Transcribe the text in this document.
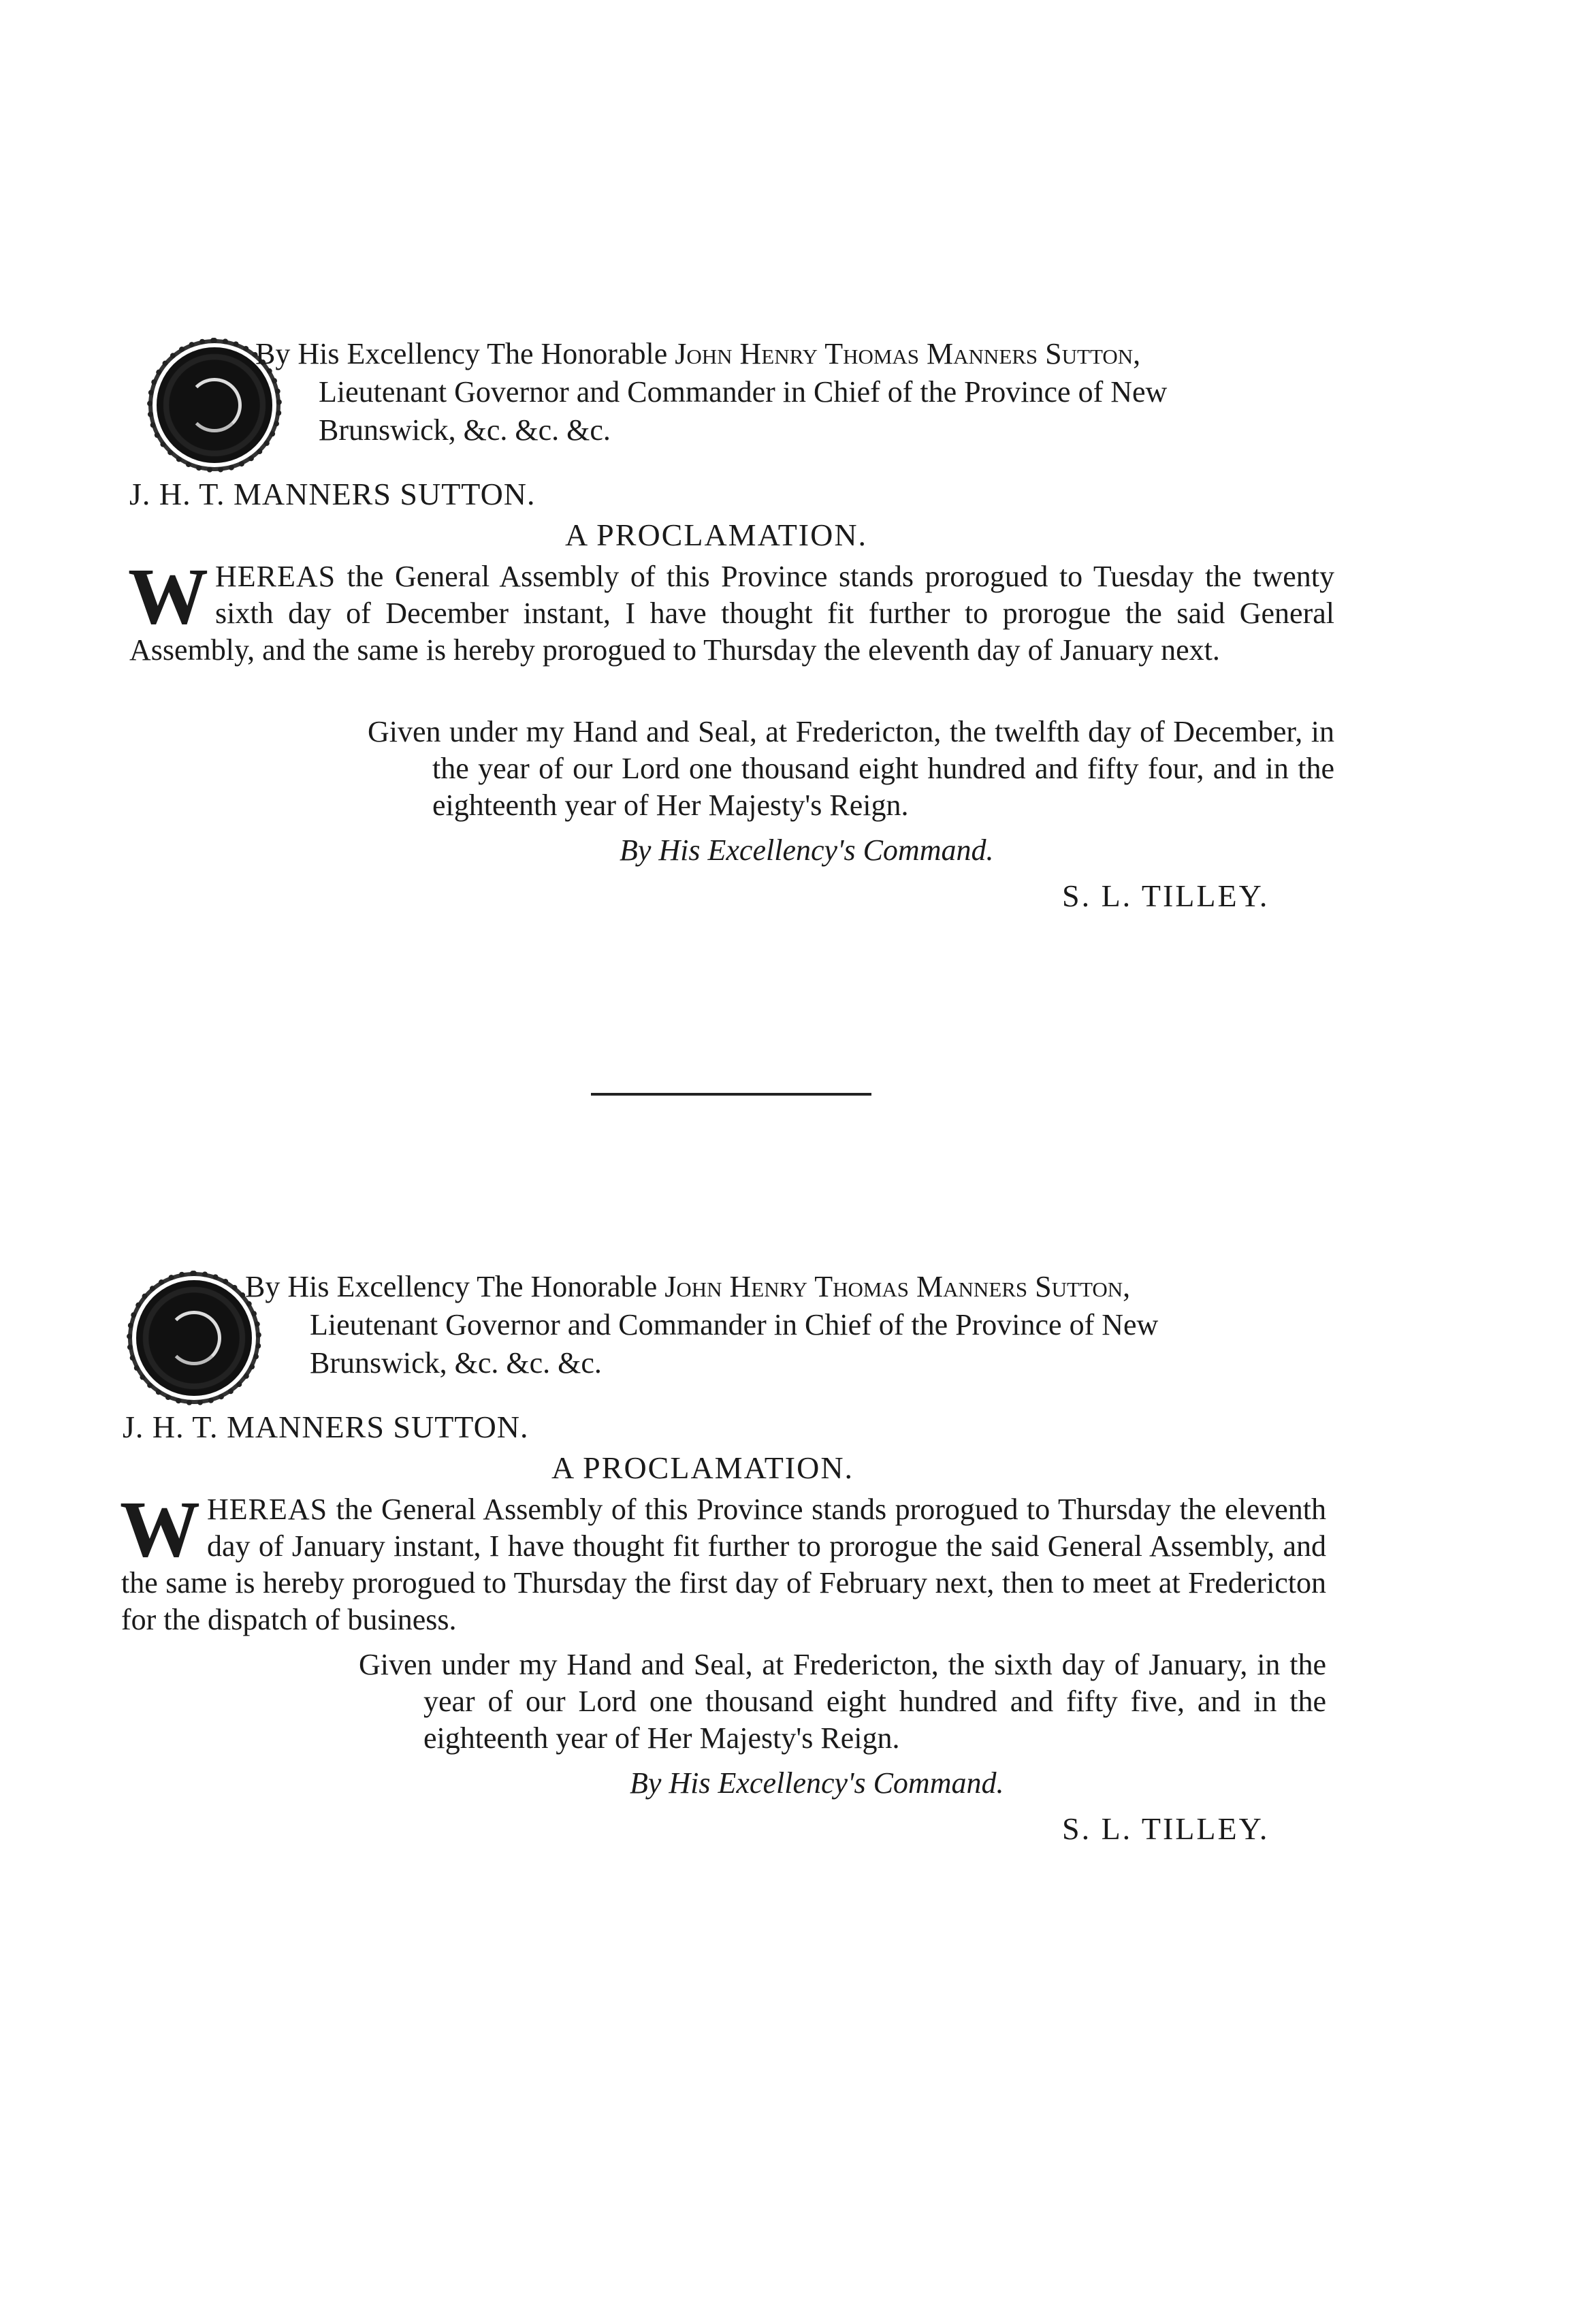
By His Excellency The Honorable John Henry Thomas Manners Sutton,
Lieutenant Governor and Commander in Chief of the Province of New
Brunswick, &c. &c. &c.
J. H. T. MANNERS SUTTON.
A PROCLAMATION.
WHEREAS the General Assembly of this Province stands prorogued to Tuesday the twenty sixth day of December instant, I have thought fit further to prorogue the said General Assembly, and the same is hereby prorogued to Thursday the eleventh day of January next.
Given under my Hand and Seal, at Fredericton, the twelfth day of December, in the year of our Lord one thousand eight hundred and fifty four, and in the eighteenth year of Her Majesty's Reign.
By His Excellency's Command.
S. L. TILLEY.
By His Excellency The Honorable John Henry Thomas Manners Sutton,
Lieutenant Governor and Commander in Chief of the Province of New
Brunswick, &c. &c. &c.
J. H. T. MANNERS SUTTON.
A PROCLAMATION.
WHEREAS the General Assembly of this Province stands prorogued to Thursday the eleventh day of January instant, I have thought fit further to prorogue the said General Assembly, and the same is hereby prorogued to Thursday the first day of February next, then to meet at Fredericton for the dispatch of business.
Given under my Hand and Seal, at Fredericton, the sixth day of January, in the year of our Lord one thousand eight hundred and fifty five, and in the eighteenth year of Her Majesty's Reign.
By His Excellency's Command.
S. L. TILLEY.
